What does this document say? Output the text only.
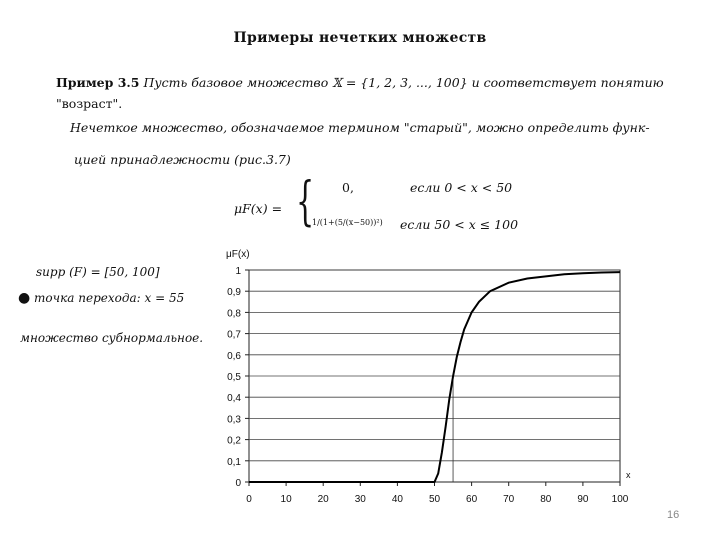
Примеры нечетких множеств
Пример 3.5 Пусть базовое множество 𝕏 = {1, 2, 3, ..., 100} и соответствует понятию
"возраст".
Нечеткое множество, обозначаемое термином "старый", можно определить функ-
цией принадлежности (рис.3.7)
μF(x) = { 0,	если 0 < x < 50
1/(1+(5/(x−50))²) если 50 < x ≤ 100
supp (F) = [50, 100]
● точка перехода: x = 55
множество субнормальное.
0
0,1
0,2
0,3
0,4
0,5
0,6
0,7
0,8
0,9
1
0	10	20	30	40	50	60	70	80	90 100
μF(x)
x
16
